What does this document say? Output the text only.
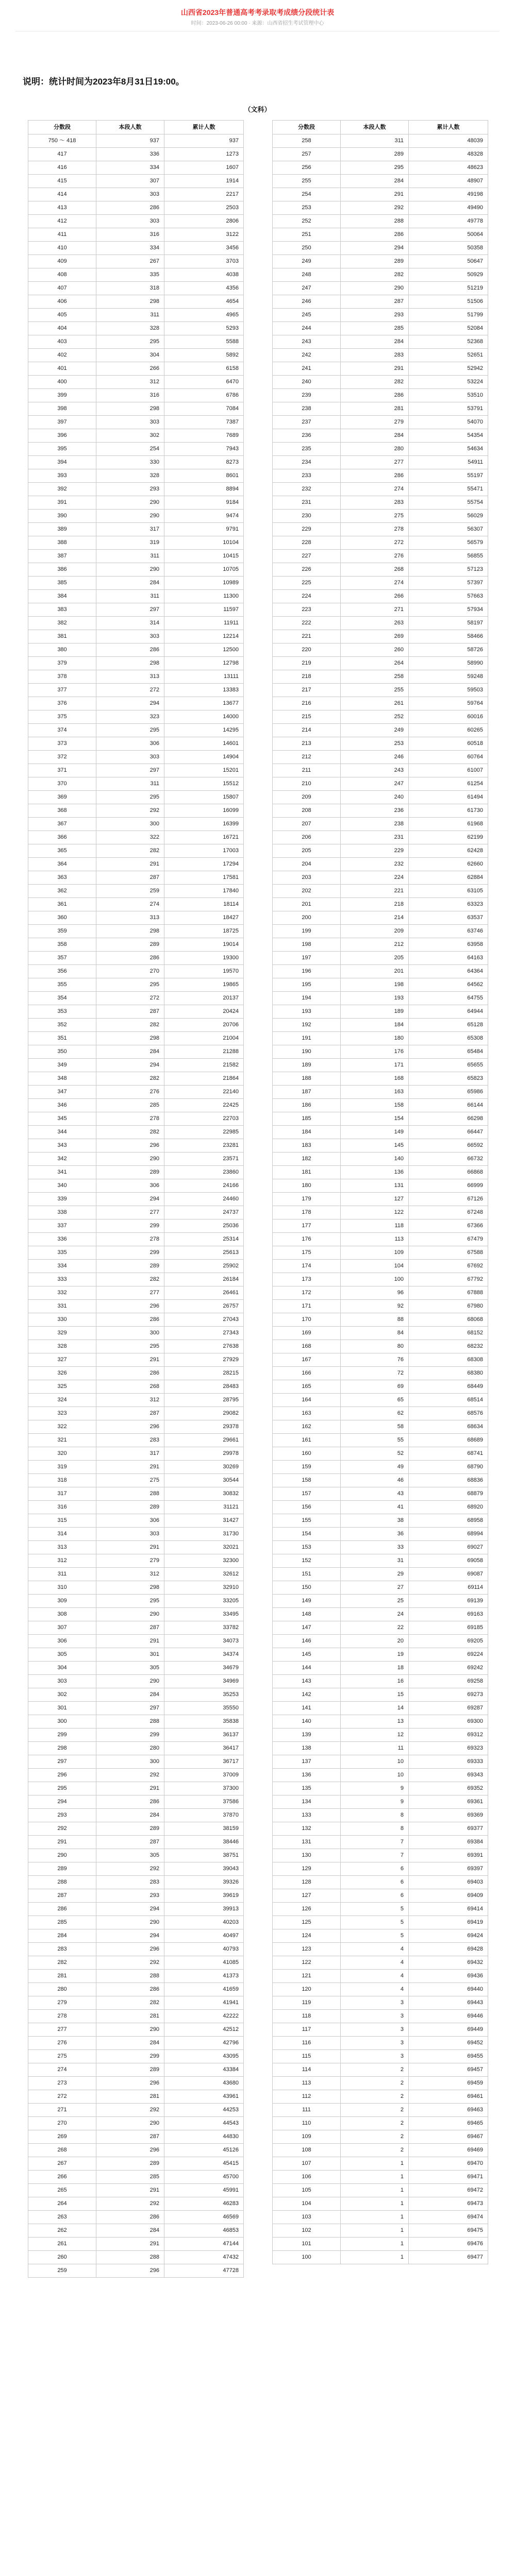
山西省2023年普通高考考录取考成绩分段统计表
时间：2023-06-26 00:00 · 来源：山西省招生考试管理中心
说明：统计时间为2023年8月31日19:00。
（文科）
分数段	本段人数	累计人数
750 ～ 418	937	937
417	336	1273
416	334	1607
415	307	1914
414	303	2217
413	286	2503
412	303	2806
411	316	3122
410	334	3456
409	267	3703
408	335	4038
407	318	4356
406	298	4654
405	311	4965
404	328	5293
403	295	5588
402	304	5892
401	266	6158
400	312	6470
399	316	6786
398	298	7084
397	303	7387
396	302	7689
395	254	7943
394	330	8273
393	328	8601
392	293	8894
391	290	9184
390	290	9474
389	317	9791
388	319	10104
387	311	10415
386	290	10705
385	284	10989
384	311	11300
383	297	11597
382	314	11911
381	303	12214
380	286	12500
379	298	12798
378	313	13111
377	272	13383
376	294	13677
375	323	14000
374	295	14295
373	306	14601
372	303	14904
371	297	15201
370	311	15512
369	295	15807
368	292	16099
367	300	16399
366	322	16721
365	282	17003
364	291	17294
363	287	17581
362	259	17840
361	274	18114
360	313	18427
359	298	18725
358	289	19014
357	286	19300
356	270	19570
355	295	19865
354	272	20137
353	287	20424
352	282	20706
351	298	21004
350	284	21288
349	294	21582
348	282	21864
347	276	22140
346	285	22425
345	278	22703
344	282	22985
343	296	23281
342	290	23571
341	289	23860
340	306	24166
339	294	24460
338	277	24737
337	299	25036
336	278	25314
335	299	25613
334	289	25902
333	282	26184
332	277	26461
331	296	26757
330	286	27043
329	300	27343
328	295	27638
327	291	27929
326	286	28215
325	268	28483
324	312	28795
323	287	29082
322	296	29378
321	283	29661
320	317	29978
319	291	30269
318	275	30544
317	288	30832
316	289	31121
315	306	31427
314	303	31730
313	291	32021
312	279	32300
311	312	32612
310	298	32910
309	295	33205
308	290	33495
307	287	33782
306	291	34073
305	301	34374
304	305	34679
303	290	34969
302	284	35253
301	297	35550
300	288	35838
299	299	36137
298	280	36417
297	300	36717
296	292	37009
295	291	37300
294	286	37586
293	284	37870
292	289	38159
291	287	38446
290	305	38751
289	292	39043
288	283	39326
287	293	39619
286	294	39913
285	290	40203
284	294	40497
283	296	40793
282	292	41085
281	288	41373
280	286	41659
279	282	41941
278	281	42222
277	290	42512
276	284	42796
275	299	43095
274	289	43384
273	296	43680
272	281	43961
271	292	44253
270	290	44543
269	287	44830
268	296	45126
267	289	45415
266	285	45700
265	291	45991
264	292	46283
263	286	46569
262	284	46853
261	291	47144
260	288	47432
259	296	47728
分数段	本段人数	累计人数
258	311	48039
257	289	48328
256	295	48623
255	284	48907
254	291	49198
253	292	49490
252	288	49778
251	286	50064
250	294	50358
249	289	50647
248	282	50929
247	290	51219
246	287	51506
245	293	51799
244	285	52084
243	284	52368
242	283	52651
241	291	52942
240	282	53224
239	286	53510
238	281	53791
237	279	54070
236	284	54354
235	280	54634
234	277	54911
233	286	55197
232	274	55471
231	283	55754
230	275	56029
229	278	56307
228	272	56579
227	276	56855
226	268	57123
225	274	57397
224	266	57663
223	271	57934
222	263	58197
221	269	58466
220	260	58726
219	264	58990
218	258	59248
217	255	59503
216	261	59764
215	252	60016
214	249	60265
213	253	60518
212	246	60764
211	243	61007
210	247	61254
209	240	61494
208	236	61730
207	238	61968
206	231	62199
205	229	62428
204	232	62660
203	224	62884
202	221	63105
201	218	63323
200	214	63537
199	209	63746
198	212	63958
197	205	64163
196	201	64364
195	198	64562
194	193	64755
193	189	64944
192	184	65128
191	180	65308
190	176	65484
189	171	65655
188	168	65823
187	163	65986
186	158	66144
185	154	66298
184	149	66447
183	145	66592
182	140	66732
181	136	66868
180	131	66999
179	127	67126
178	122	67248
177	118	67366
176	113	67479
175	109	67588
174	104	67692
173	100	67792
172	96	67888
171	92	67980
170	88	68068
169	84	68152
168	80	68232
167	76	68308
166	72	68380
165	69	68449
164	65	68514
163	62	68576
162	58	68634
161	55	68689
160	52	68741
159	49	68790
158	46	68836
157	43	68879
156	41	68920
155	38	68958
154	36	68994
153	33	69027
152	31	69058
151	29	69087
150	27	69114
149	25	69139
148	24	69163
147	22	69185
146	20	69205
145	19	69224
144	18	69242
143	16	69258
142	15	69273
141	14	69287
140	13	69300
139	12	69312
138	11	69323
137	10	69333
136	10	69343
135	9	69352
134	9	69361
133	8	69369
132	8	69377
131	7	69384
130	7	69391
129	6	69397
128	6	69403
127	6	69409
126	5	69414
125	5	69419
124	5	69424
123	4	69428
122	4	69432
121	4	69436
120	4	69440
119	3	69443
118	3	69446
117	3	69449
116	3	69452
115	3	69455
114	2	69457
113	2	69459
112	2	69461
111	2	69463
110	2	69465
109	2	69467
108	2	69469
107	1	69470
106	1	69471
105	1	69472
104	1	69473
103	1	69474
102	1	69475
101	1	69476
100	1	69477
